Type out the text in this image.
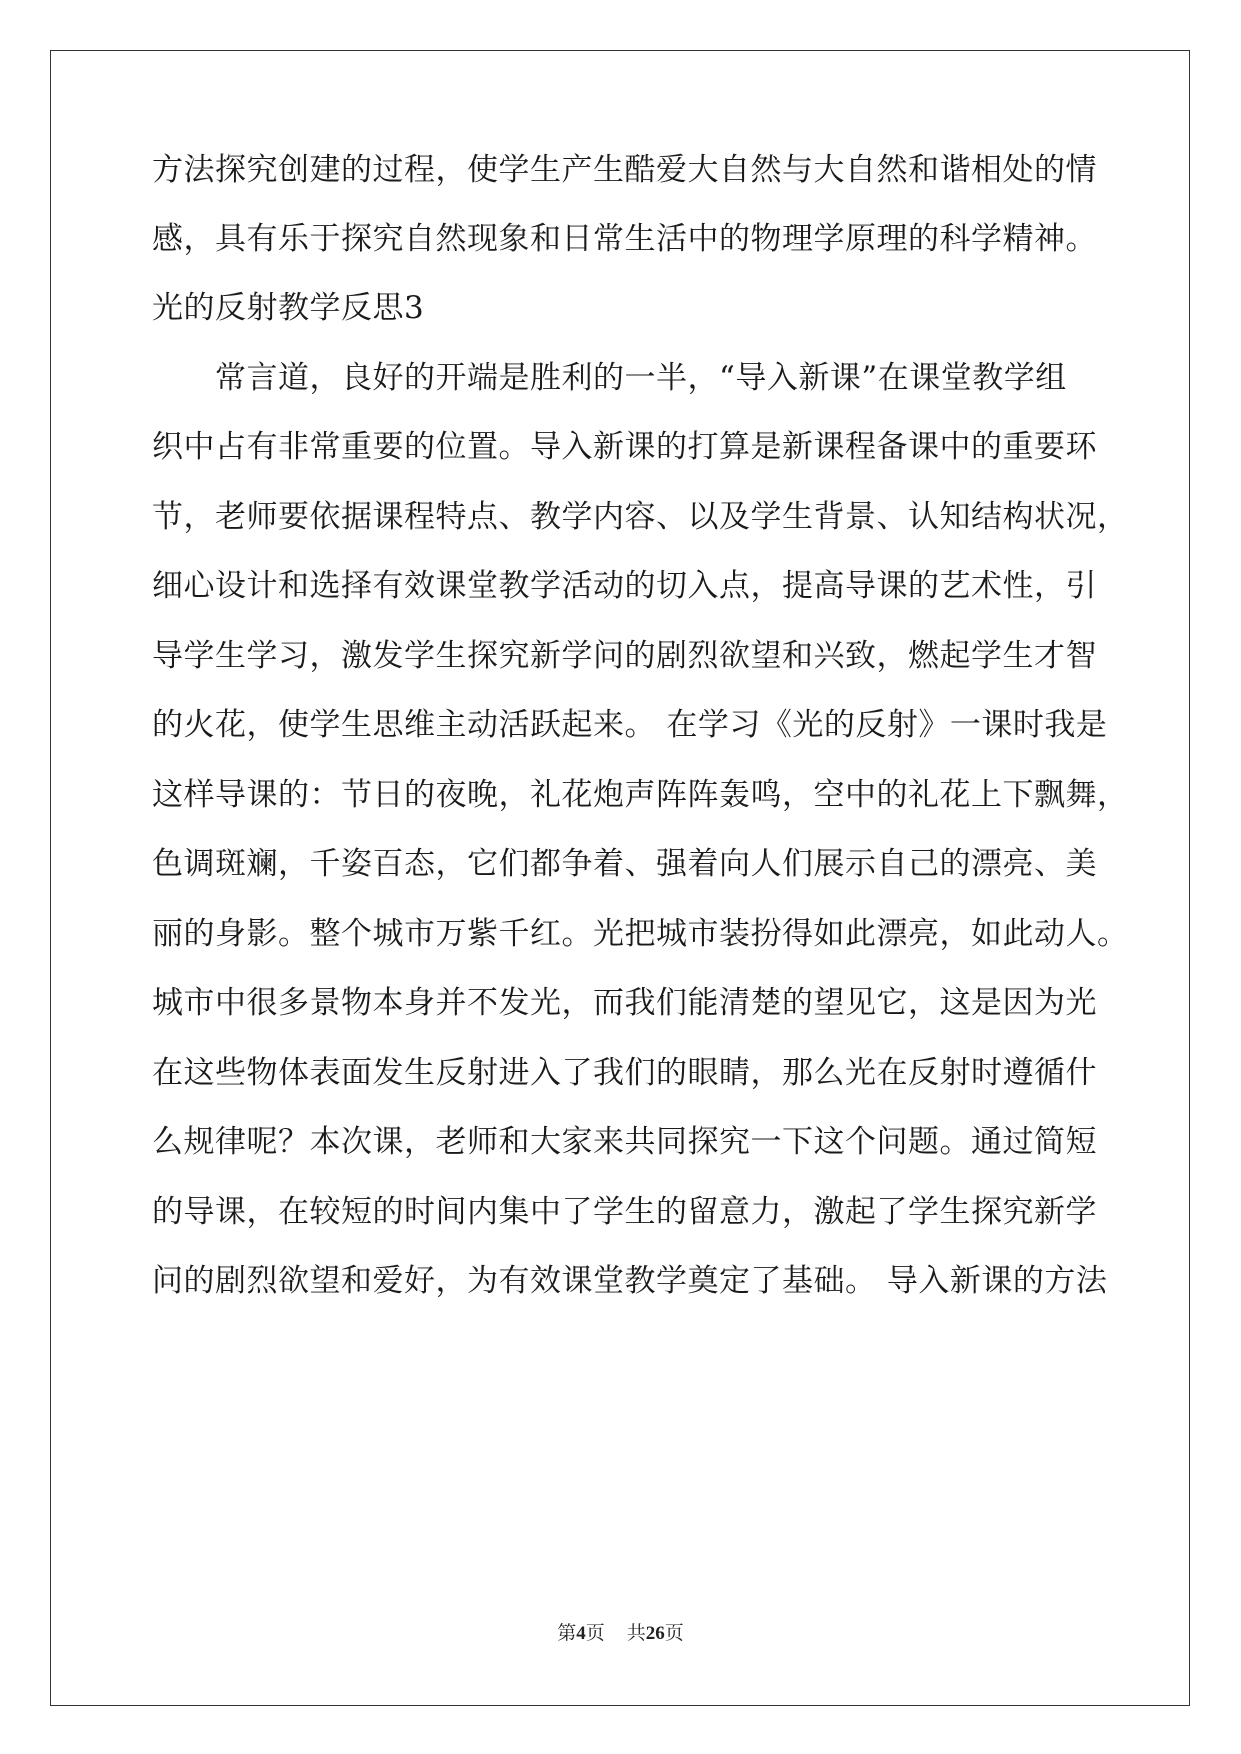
方法探究创建的过程，使学生产生酷爱大自然与大自然和谐相处的情
感，具有乐于探究自然现象和日常生活中的物理学原理的科学精神。
光的反射教学反思3
常言道，良好的开端是胜利的一半，“导入新课”在课堂教学组
织中占有非常重要的位置。导入新课的打算是新课程备课中的重要环
节，老师要依据课程特点、教学内容、以及学生背景、认知结构状况，
细心设计和选择有效课堂教学活动的切入点，提高导课的艺术性，引
导学生学习，激发学生探究新学问的剧烈欲望和兴致，燃起学生才智
的火花，使学生思维主动活跃起来。 在学习《光的反射》一课时我是
这样导课的：节日的夜晚，礼花炮声阵阵轰鸣，空中的礼花上下飘舞，
色调斑斓，千姿百态，它们都争着、强着向人们展示自己的漂亮、美
丽的身影。整个城市万紫千红。光把城市装扮得如此漂亮，如此动人。
城市中很多景物本身并不发光，而我们能清楚的望见它，这是因为光
在这些物体表面发生反射进入了我们的眼睛，那么光在反射时遵循什
么规律呢？本次课，老师和大家来共同探究一下这个问题。通过简短
的导课，在较短的时间内集中了学生的留意力，激起了学生探究新学
问的剧烈欲望和爱好，为有效课堂教学奠定了基础。 导入新课的方法
第4页 共26页
